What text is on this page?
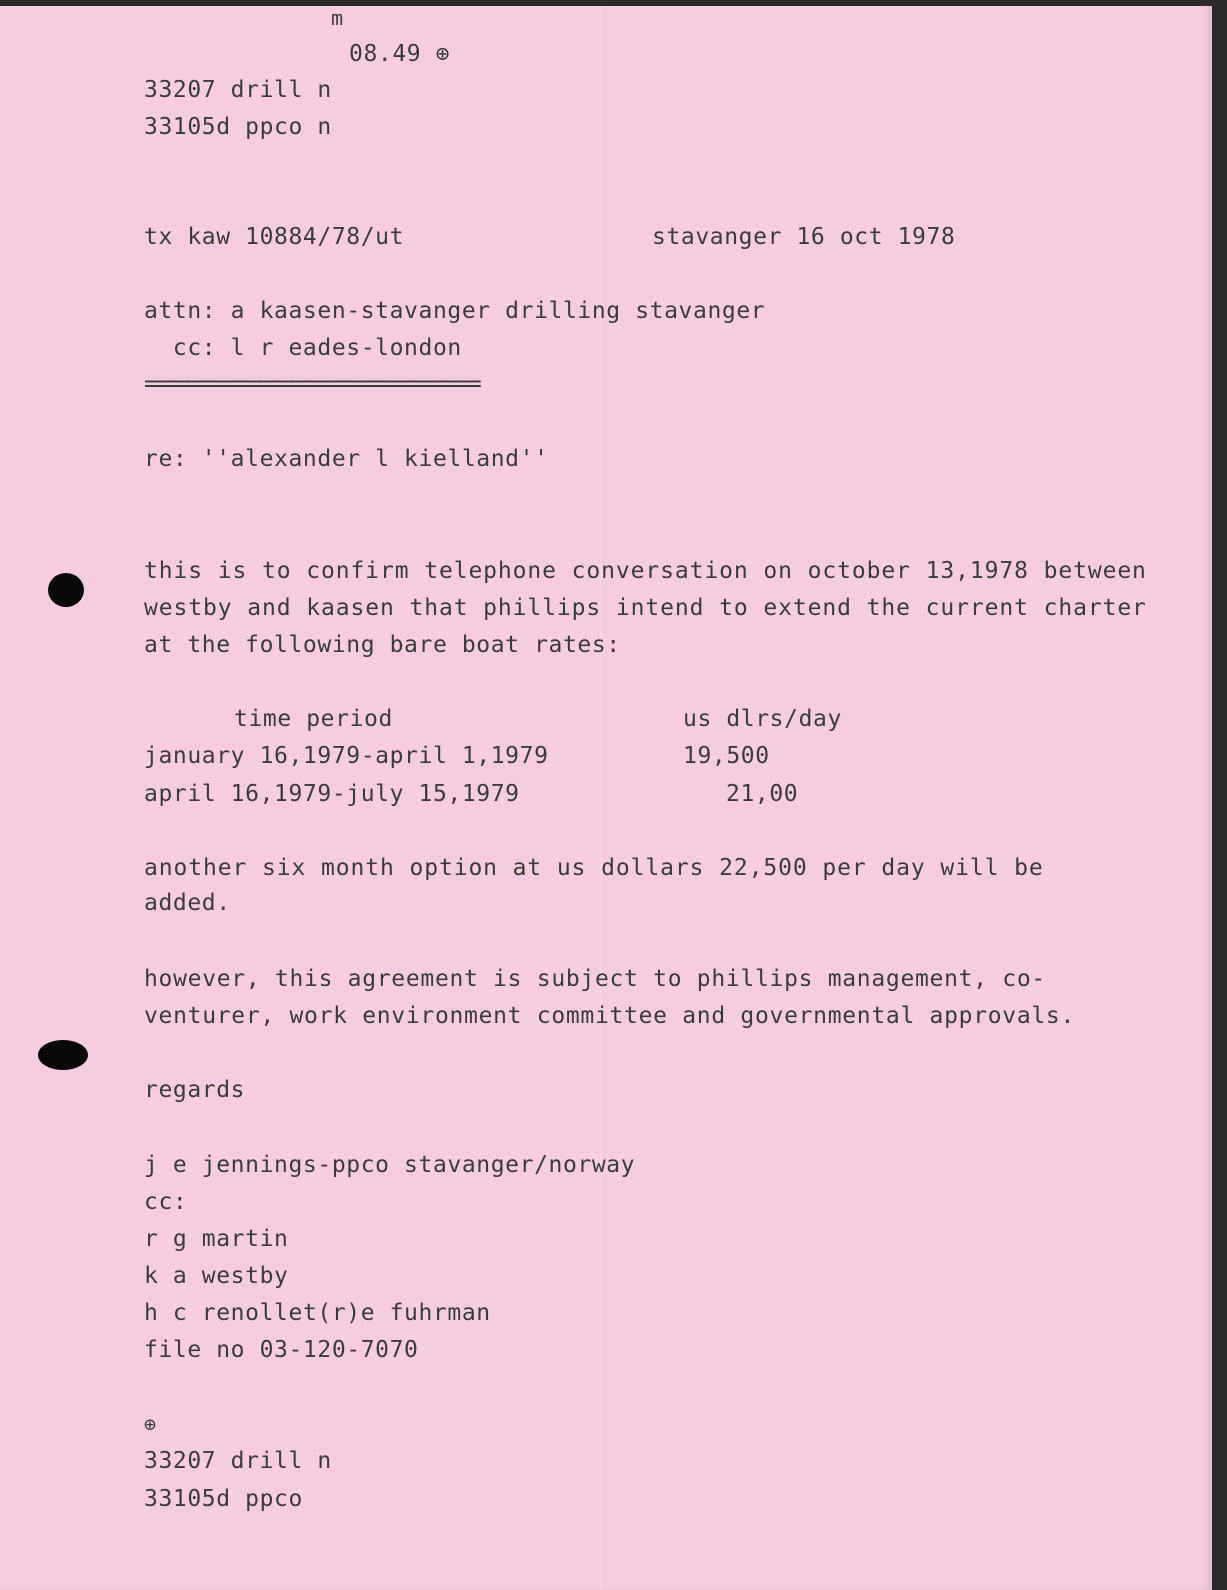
m
08.49 ⊕
33207 drill n
33105d ppco n
tx kaw 10884/78/ut	stavanger 16 oct 1978
attn: a kaasen-stavanger drilling stavanger
cc: l r eades-london
================================
re: ''alexander l kielland''
this is to confirm telephone conversation on october 13,1978 between
westby and kaasen that phillips intend to extend the current charter
at the following bare boat rates:
time period	us dlrs/day
january 16,1979-april 1,1979	19,500
april 16,1979-july 15,1979	21,00
another six month option at us dollars 22,500 per day will be
added.
however, this agreement is subject to phillips management, co-
venturer, work environment committee and governmental approvals.
regards
j e jennings-ppco stavanger/norway
cc:
r g martin
k a westby
h c renollet(r)e fuhrman
file no 03-120-7070
⊕
33207 drill n
33105d ppco
